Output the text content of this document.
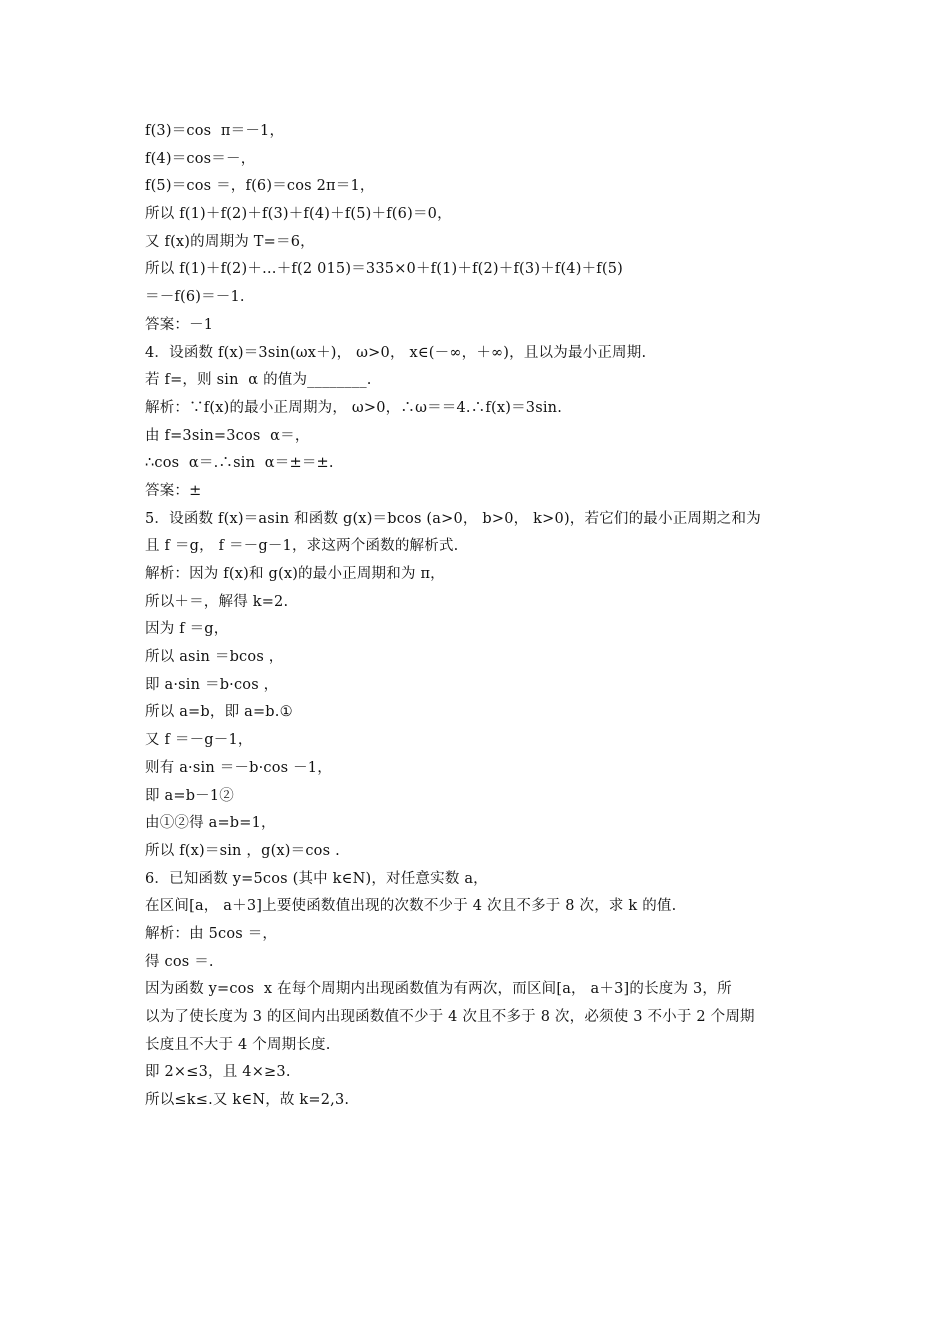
f(3)＝cos  π＝－1，
f(4)＝cos＝－，
f(5)＝cos ＝，f(6)＝cos 2π＝1，
所以 f(1)＋f(2)＋f(3)＋f(4)＋f(5)＋f(6)＝0，
又 f(x)的周期为 T=＝6，
所以 f(1)＋f(2)＋…＋f(2 015)＝335×0＋f(1)＋f(2)＋f(3)＋f(4)＋f(5)
＝－f(6)＝－1.
答案：－1
4．设函数 f(x)＝3sin(ωx＋)， ω>0， x∈(－∞，＋∞)，且以为最小正周期.
若 f=，则 sin  α 的值为________.
解析：∵f(x)的最小正周期为， ω>0，∴ω＝＝4.∴f(x)＝3sin.
由 f=3sin=3cos  α＝，
∴cos  α＝.∴sin  α＝±＝±.
答案：±
5．设函数 f(x)＝asin 和函数 g(x)＝bcos (a>0， b>0， k>0)，若它们的最小正周期之和为
且 f ＝g， f ＝－g－1，求这两个函数的解析式.
解析：因为 f(x)和 g(x)的最小正周期和为 π，
所以＋＝，解得 k=2.
因为 f ＝g，
所以 asin ＝bcos ，
即 a·sin ＝b·cos ，
所以 a=b，即 a=b.①
又 f ＝－g－1，
则有 a·sin ＝－b·cos －1，
即 a=b－1②
由①②得 a=b=1，
所以 f(x)＝sin ，g(x)＝cos .
6．已知函数 y=5cos (其中 k∈N)，对任意实数 a，
在区间[a， a＋3]上要使函数值出现的次数不少于 4 次且不多于 8 次，求 k 的值.
解析：由 5cos ＝，
得 cos ＝.
因为函数 y=cos  x 在每个周期内出现函数值为有两次，而区间[a， a＋3]的长度为 3，所
以为了使长度为 3 的区间内出现函数值不少于 4 次且不多于 8 次，必须使 3 不小于 2 个周期
长度且不大于 4 个周期长度.
即 2×≤3，且 4×≥3.
所以≤k≤.又 k∈N，故 k=2,3.
